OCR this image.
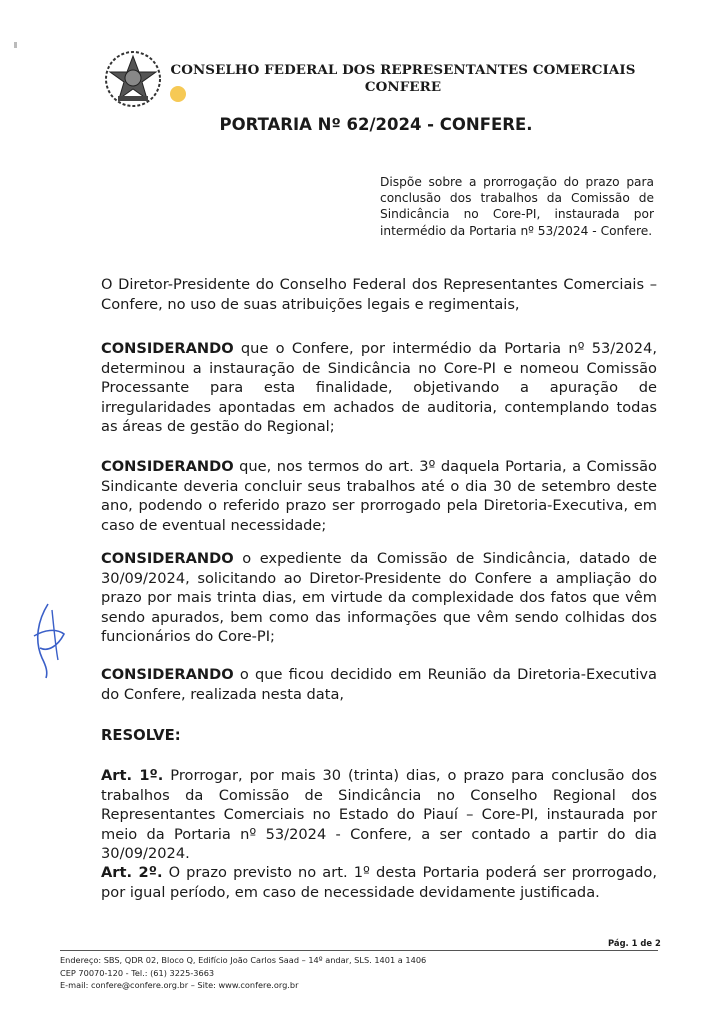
CONSELHO FEDERAL DOS REPRESENTANTES COMERCIAIS
CONFERE
PORTARIA Nº 62/2024 - CONFERE.
Dispõe sobre a prorrogação do prazo para
conclusão dos trabalhos da Comissão de
Sindicância no Core-PI, instaurada por
intermédio da Portaria nº 53/2024 - Confere.

O Diretor-Presidente do Conselho Federal dos Representantes Comerciais – Confere, no uso de suas atribuições legais e regimentais,

CONSIDERANDO que o Confere, por intermédio da Portaria nº 53/2024, determinou a instauração de Sindicância no Core-PI e nomeou Comissão Processante para esta finalidade, objetivando a apuração de irregularidades apontadas em achados de auditoria, contemplando todas as áreas de gestão do Regional;

CONSIDERANDO que, nos termos do art. 3º daquela Portaria, a Comissão Sindicante deveria concluir seus trabalhos até o dia 30 de setembro deste ano, podendo o referido prazo ser prorrogado pela Diretoria-Executiva, em caso de eventual necessidade;

CONSIDERANDO o expediente da Comissão de Sindicância, datado de 30/09/2024, solicitando ao Diretor-Presidente do Confere a ampliação do prazo por mais trinta dias, em virtude da complexidade dos fatos que vêm sendo apurados, bem como das informações que vêm sendo colhidas dos funcionários do Core-PI;

CONSIDERANDO o que ficou decidido em Reunião da Diretoria-Executiva do Confere, realizada nesta data,

RESOLVE:

Art. 1º. Prorrogar, por mais 30 (trinta) dias, o prazo para conclusão dos trabalhos da Comissão de Sindicância no Conselho Regional dos Representantes Comerciais no Estado do Piauí – Core-PI, instaurada por meio da Portaria nº 53/2024 - Confere, a ser contado a partir do dia 30/09/2024.

Art. 2º. O prazo previsto no art. 1º desta Portaria poderá ser prorrogado, por igual período, em caso de necessidade devidamente justificada.

Pág. 1 de 2
Endereço: SBS, QDR 02, Bloco Q, Edifício João Carlos Saad – 14º andar, SLS. 1401 a 1406
CEP 70070-120 - Tel.: (61) 3225-3663
E-mail: confere@confere.org.br – Site: www.confere.org.br
